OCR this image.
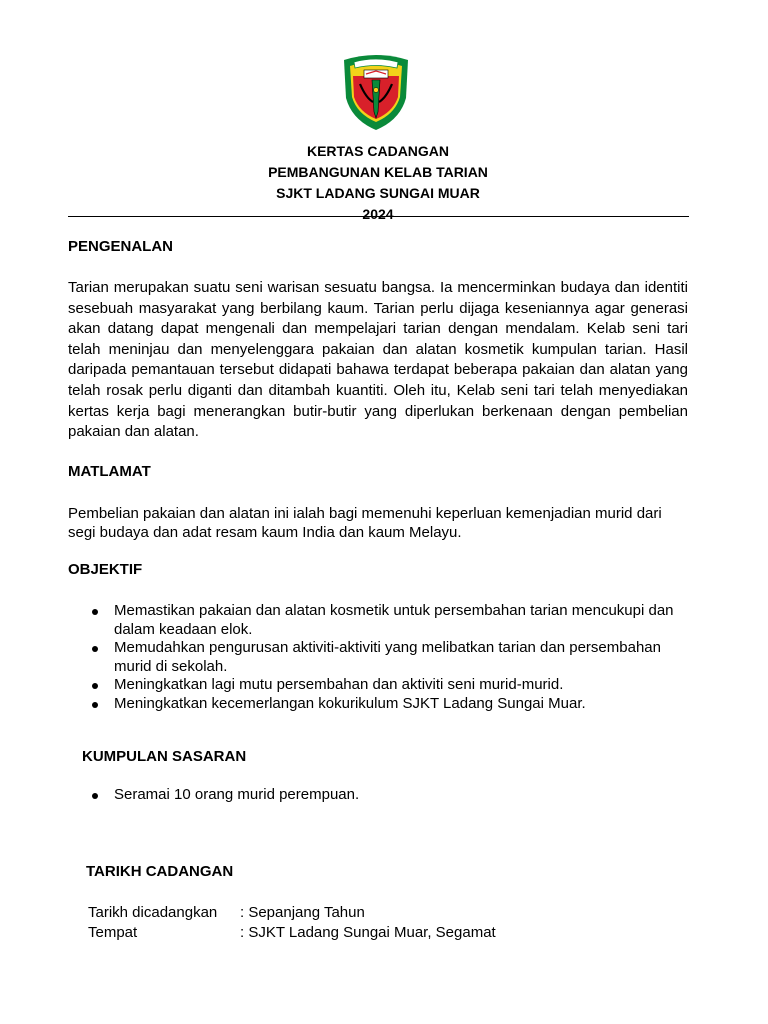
KERTAS CADANGAN
PEMBANGUNAN KELAB TARIAN
SJKT LADANG SUNGAI MUAR
2024
PENGENALAN
Tarian merupakan suatu seni warisan sesuatu bangsa. Ia mencerminkan budaya dan identiti sesebuah masyarakat yang berbilang kaum. Tarian perlu dijaga keseniannya agar generasi akan datang dapat mengenali dan mempelajari tarian dengan mendalam. Kelab seni tari telah meninjau dan menyelenggara pakaian dan alatan kosmetik kumpulan tarian. Hasil daripada pemantauan tersebut didapati bahawa terdapat beberapa pakaian dan alatan yang telah rosak perlu diganti dan ditambah kuantiti. Oleh itu, Kelab seni tari telah menyediakan kertas kerja bagi menerangkan butir-butir yang diperlukan berkenaan dengan pembelian pakaian dan alatan.
MATLAMAT
Pembelian pakaian dan alatan ini ialah bagi memenuhi keperluan kemenjadian murid dari segi budaya dan adat resam kaum India dan kaum Melayu.
OBJEKTIF
Memastikan pakaian dan alatan kosmetik untuk persembahan tarian mencukupi dan dalam keadaan elok.
Memudahkan pengurusan aktiviti-aktiviti yang melibatkan tarian dan persembahan murid di sekolah.
Meningkatkan lagi mutu persembahan dan aktiviti seni murid-murid.
Meningkatkan kecemerlangan kokurikulum SJKT Ladang Sungai Muar.
KUMPULAN SASARAN
Seramai 10 orang murid perempuan.
TARIKH CADANGAN
Tarikh dicadangkan : Sepanjang Tahun
Tempat	: SJKT Ladang Sungai Muar, Segamat
